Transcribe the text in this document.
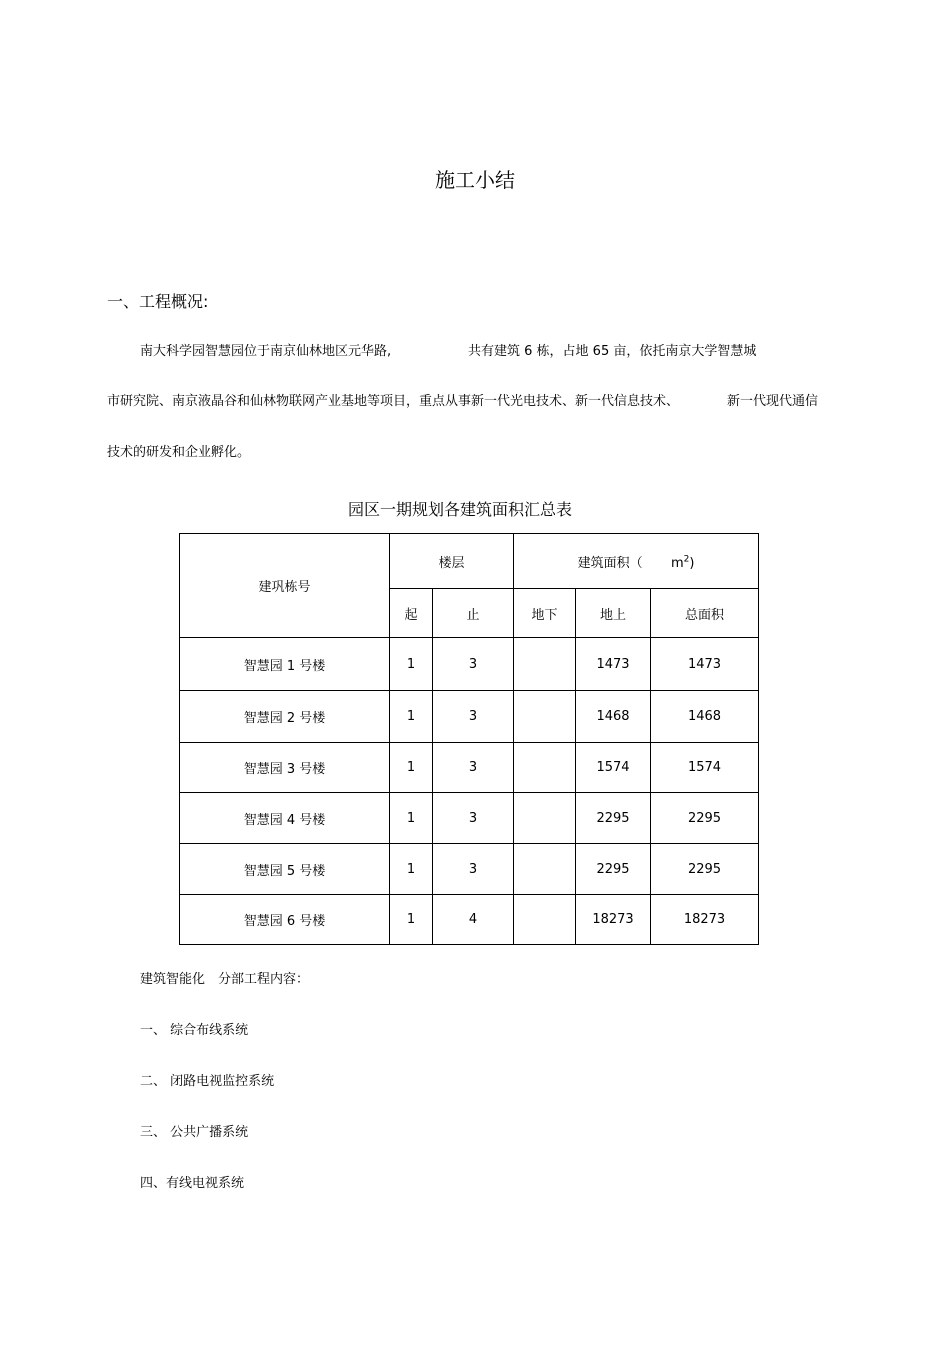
施工小结
一、工程概况:
南大科学园智慧园位于南京仙林地区元华路,	共有建筑 6 栋，占地 65 亩，依托南京大学智慧城
市研究院、南京液晶谷和仙林物联网产业基地等项目，重点从事新一代光电技术、新一代信息技术、	新一代现代通信
技术的研发和企业孵化。
园区一期规划各建筑面积汇总表
建巩栋号	楼层		建筑面积（ $m^2$)		
	起	止	地下	地上	总面积
智慧园 1 号楼	1	3		1473	1473
智慧园 2 号楼	1	3		1468	1468
智慧园 3 号楼	1	3		1574	1574
智慧园 4 号楼	1	3		2295	2295
智慧园 5 号楼	1	3		2295	2295
智慧园 6 号楼	1	4		18273	18273
建筑智能化　分部工程内容：
一、 综合布线系统
二、 闭路电视监控系统
三、 公共广播系统
四、有线电视系统
